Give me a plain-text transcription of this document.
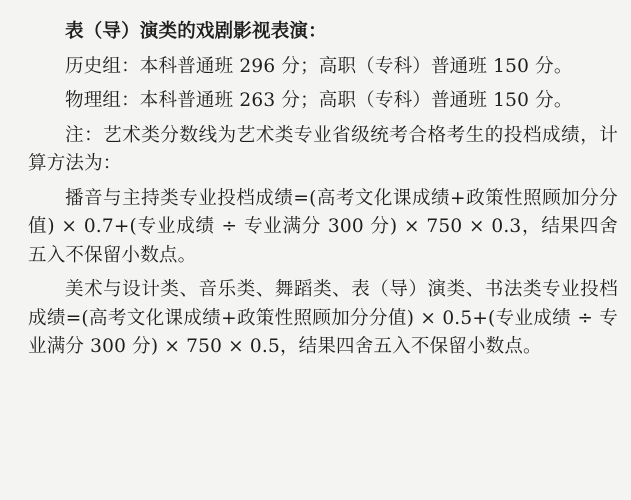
表（导）演类的戏剧影视表演：
历史组：本科普通班 296 分；高职（专科）普通班 150 分。
物理组：本科普通班 263 分；高职（专科）普通班 150 分。
注：艺术类分数线为艺术类专业省级统考合格考生的投档成绩，计算方法为：
播音与主持类专业投档成绩=(高考文化课成绩+政策性照顾加分分值) × 0.7+(专业成绩 ÷ 专业满分 300 分) × 750 × 0.3，结果四舍五入不保留小数点。
美术与设计类、音乐类、舞蹈类、表（导）演类、书法类专业投档成绩=(高考文化课成绩+政策性照顾加分分值) × 0.5+(专业成绩 ÷ 专业满分 300 分) × 750 × 0.5，结果四舍五入不保留小数点。
